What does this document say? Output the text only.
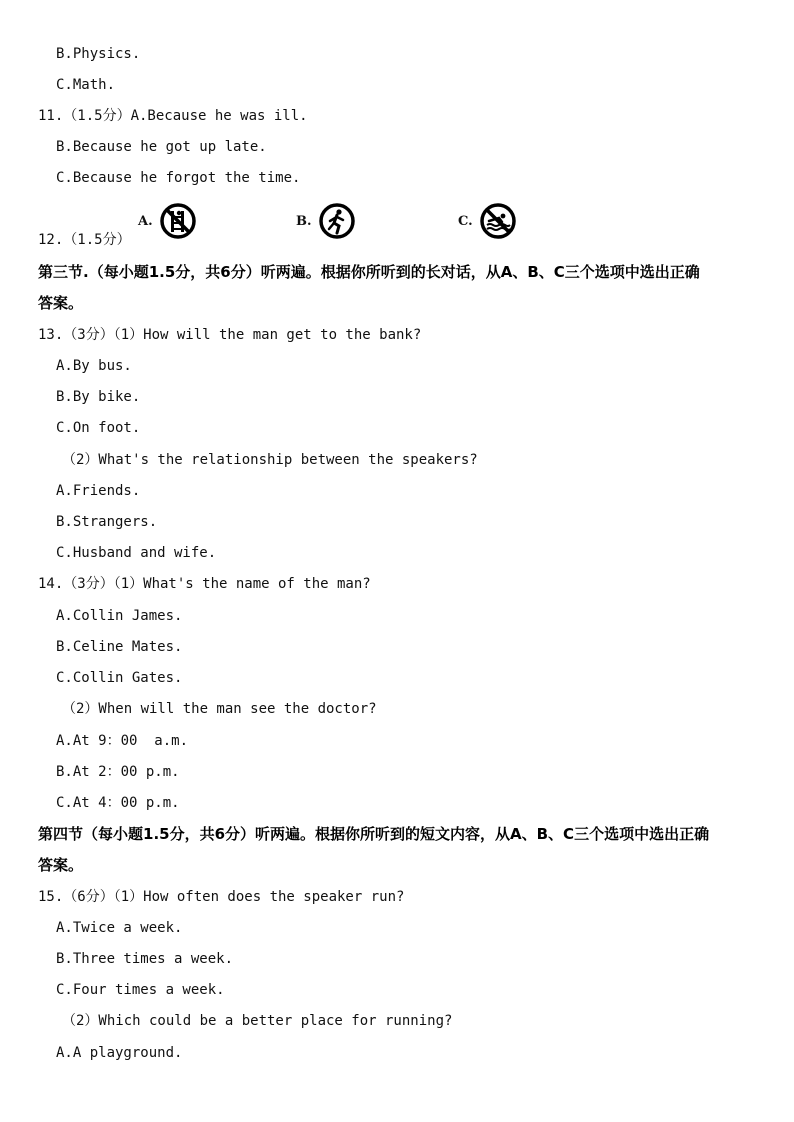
B.Physics.
C.Math.
11.（1.5分）A.Because he was ill.
B.Because he got up late.
C.Because he forgot the time.
A.	B.	C.
12.（1.5分）
第三节.（每小题1.5分，共6分）听两遍。根据你所听到的长对话，从A、B、C三个选项中选出正确
答案。
13.（3分）（1）How will the man get to the bank?
A.By bus.
B.By bike.
C.On foot.
（2）What's the relationship between the speakers?
A.Friends.
B.Strangers.
C.Husband and wife.
14.（3分）（1）What's the name of the man?
A.Collin James.
B.Celine Mates.
C.Collin Gates.
（2）When will the man see the doctor?
A.At 9：00  a.m.
B.At 2：00 p.m.
C.At 4：00 p.m.
第四节（每小题1.5分，共6分）听两遍。根据你所听到的短文内容，从A、B、C三个选项中选出正确
答案。
15.（6分）（1）How often does the speaker run?
A.Twice a week.
B.Three times a week.
C.Four times a week.
（2）Which could be a better place for running?
A.A playground.
